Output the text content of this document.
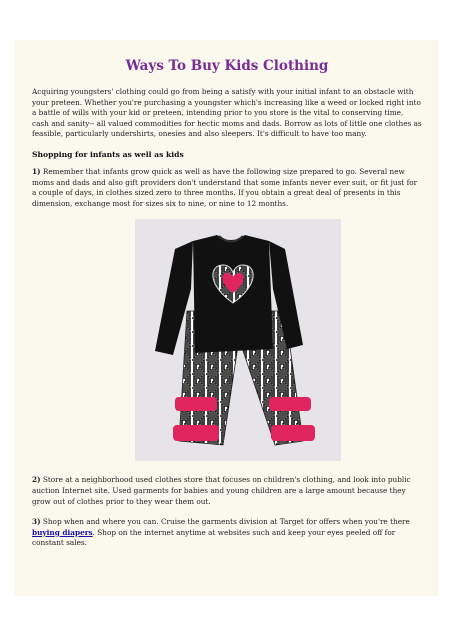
Ways To Buy Kids Clothing

Acquiring youngsters' clothing could go from being a satisfy with your initial infant to an obstacle with your preteen. Whether you're purchasing a youngster which's increasing like a weed or locked right into a battle of wills with your kid or preteen, intending prior to you store is the vital to conserving time, cash and sanity-- all valued commodities for hectic moms and dads. Borrow as lots of little one clothes as feasible, particularly undershirts, onesies and also sleepers. It's difficult to have too many.

Shopping for infants as well as kids

1) Remember that infants grow quick as well as have the following size prepared to go. Several new moms and dads and also gift providers don't understand that some infants never ever suit, or fit just for a couple of days, in clothes sized zero to three months. If you obtain a great deal of presents in this dimension, exchange most for sizes six to nine, or nine to 12 months.

2) Store at a neighborhood used clothes store that focuses on children's clothing, and look into public auction Internet site. Used garments for babies and young children are a large amount because they grow out of clothes prior to they wear them out.

3) Shop when and where you can. Cruise the garments division at Target for offers when you're there buying diapers. Shop on the internet anytime at websites such and keep your eyes peeled off for constant sales.
